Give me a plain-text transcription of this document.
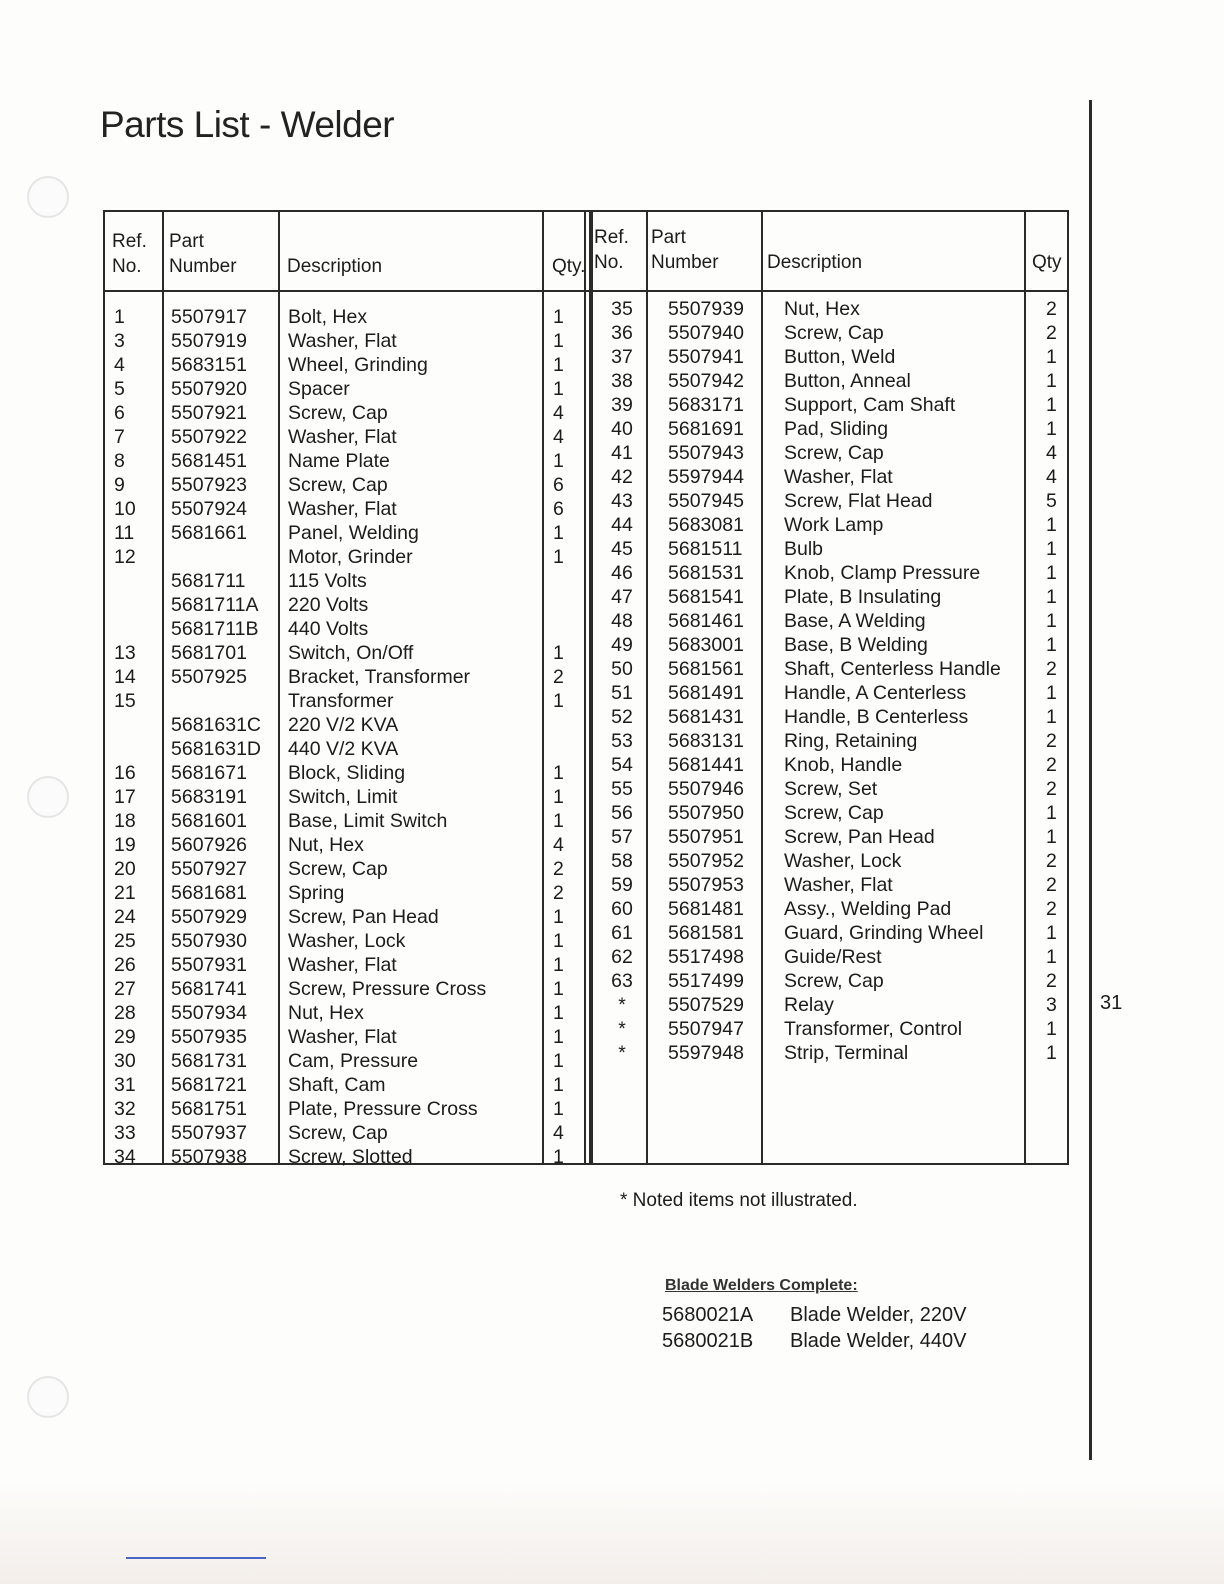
Parts List - Welder
Ref.
No.
Part
Number	Description	Qty.
1 5507917 Bolt, Hex	1
3 5507919 Washer, Flat	1
4 5683151 Wheel, Grinding	1
5 5507920 Spacer	1
6 5507921 Screw, Cap	4
7 5507922 Washer, Flat	4
8 5681451 Name Plate	1
9 5507923 Screw, Cap	6
10 5507924 Washer, Flat	6
11 5681661 Panel, Welding	1
12	Motor, Grinder	1
5681711 115 Volts
5681711A 220 Volts
5681711B 440 Volts
13 5681701 Switch, On/Off	1
14 5507925 Bracket, Transformer	2
15	Transformer	1
5681631C 220 V/2 KVA
5681631D 440 V/2 KVA
16 5681671 Block, Sliding	1
17 5683191 Switch, Limit	1
18 5681601 Base, Limit Switch	1
19 5607926 Nut, Hex	4
20 5507927 Screw, Cap	2
21 5681681 Spring	2
24 5507929 Screw, Pan Head	1
25 5507930 Washer, Lock	1
26 5507931 Washer, Flat	1
27 5681741 Screw, Pressure Cross	1
28 5507934 Nut, Hex	1
29 5507935 Washer, Flat	1
30 5681731 Cam, Pressure	1
31 5681721 Shaft, Cam	1
32 5681751 Plate, Pressure Cross	1
33 5507937 Screw, Cap	4
34 5507938 Screw, Slotted	1
Ref.
No.
Part
Number	Description	Qty
35 5507939 Nut, Hex	2
36 5507940 Screw, Cap	2
37 5507941 Button, Weld	1
38 5507942 Button, Anneal	1
39 5683171 Support, Cam Shaft	1
40 5681691 Pad, Sliding	1
41 5507943 Screw, Cap	4
42 5597944 Washer, Flat	4
43 5507945 Screw, Flat Head	5
44 5683081 Work Lamp	1
45 5681511 Bulb	1
46 5681531 Knob, Clamp Pressure	1
47 5681541 Plate, B Insulating	1
48 5681461 Base, A Welding	1
49 5683001 Base, B Welding	1
50 5681561 Shaft, Centerless Handle 2
51 5681491 Handle, A Centerless	1
52 5681431 Handle, B Centerless	1
53 5683131 Ring, Retaining	2
54 5681441 Knob, Handle	2
55 5507946 Screw, Set	2
56 5507950 Screw, Cap	1
57 5507951 Screw, Pan Head	1
58 5507952 Washer, Lock	2
59 5507953 Washer, Flat	2
60 5681481 Assy., Welding Pad	2
61 5681581 Guard, Grinding Wheel	1
62 5517498 Guide/Rest	1
63 5517499 Screw, Cap	2
*	5507529 Relay	3
*	5507947 Transformer, Control	1
*	5597948 Strip, Terminal	1
31
* Noted items not illustrated.
Blade Welders Complete:
5680021A Blade Welder, 220V
5680021B Blade Welder, 440V
